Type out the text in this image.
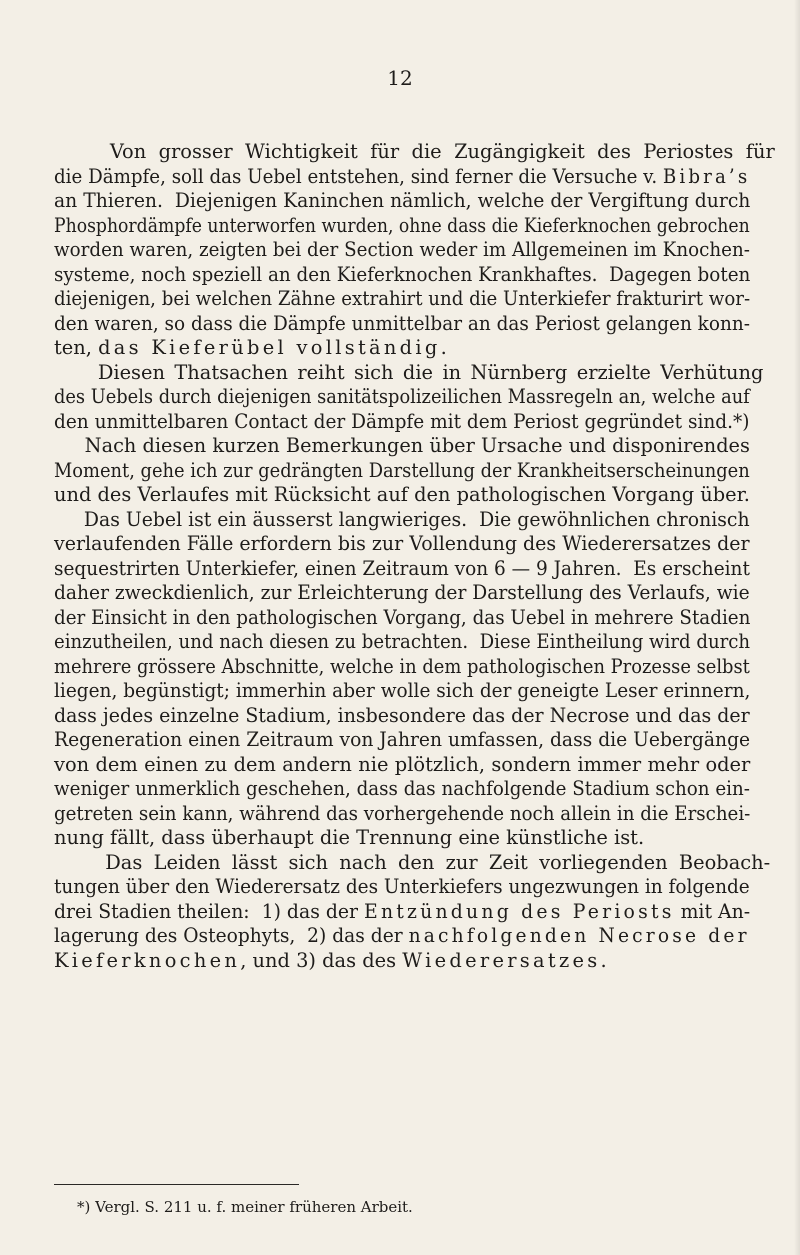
12
Von grosser Wichtigkeit für die Zugängigkeit des Periostes für
die Dämpfe, soll das Uebel entstehen, sind ferner die Versuche v. Bibra’s
an Thieren.  Diejenigen Kaninchen nämlich, welche der Vergiftung durch
Phosphordämpfe unterworfen wurden, ohne dass die Kieferknochen gebrochen
worden waren, zeigten bei der Section weder im Allgemeinen im Knochen-
systeme, noch speziell an den Kieferknochen Krankhaftes.  Dagegen boten
diejenigen, bei welchen Zähne extrahirt und die Unterkiefer frakturirt wor-
den waren, so dass die Dämpfe unmittelbar an das Periost gelangen konn-
ten, das Kieferübel vollständig.
Diesen Thatsachen reiht sich die in Nürnberg erzielte Verhütung
des Uebels durch diejenigen sanitätspolizeilichen Massregeln an, welche auf
den unmittelbaren Contact der Dämpfe mit dem Periost gegründet sind.*)
Nach diesen kurzen Bemerkungen über Ursache und disponirendes
Moment, gehe ich zur gedrängten Darstellung der Krankheitserscheinungen
und des Verlaufes mit Rücksicht auf den pathologischen Vorgang über.
Das Uebel ist ein äusserst langwieriges.  Die gewöhnlichen chronisch
verlaufenden Fälle erfordern bis zur Vollendung des Wiederersatzes der
sequestrirten Unterkiefer, einen Zeitraum von 6 — 9 Jahren.  Es erscheint
daher zweckdienlich, zur Erleichterung der Darstellung des Verlaufs, wie
der Einsicht in den pathologischen Vorgang, das Uebel in mehrere Stadien
einzutheilen, und nach diesen zu betrachten.  Diese Eintheilung wird durch
mehrere grössere Abschnitte, welche in dem pathologischen Prozesse selbst
liegen, begünstigt; immerhin aber wolle sich der geneigte Leser erinnern,
dass jedes einzelne Stadium, insbesondere das der Necrose und das der
Regeneration einen Zeitraum von Jahren umfassen, dass die Uebergänge
von dem einen zu dem andern nie plötzlich, sondern immer mehr oder
weniger unmerklich geschehen, dass das nachfolgende Stadium schon ein-
getreten sein kann, während das vorhergehende noch allein in die Erschei-
nung fällt, dass überhaupt die Trennung eine künstliche ist.
Das Leiden lässt sich nach den zur Zeit vorliegenden Beobach-
tungen über den Wiederersatz des Unterkiefers ungezwungen in folgende
drei Stadien theilen:  1) das der Entzündung des Periosts mit An-
lagerung des Osteophyts,  2) das der nachfolgenden Necrose der
Kieferknochen, und 3) das des Wiederersatzes.
*) Vergl. S. 211 u. f. meiner früheren Arbeit.
